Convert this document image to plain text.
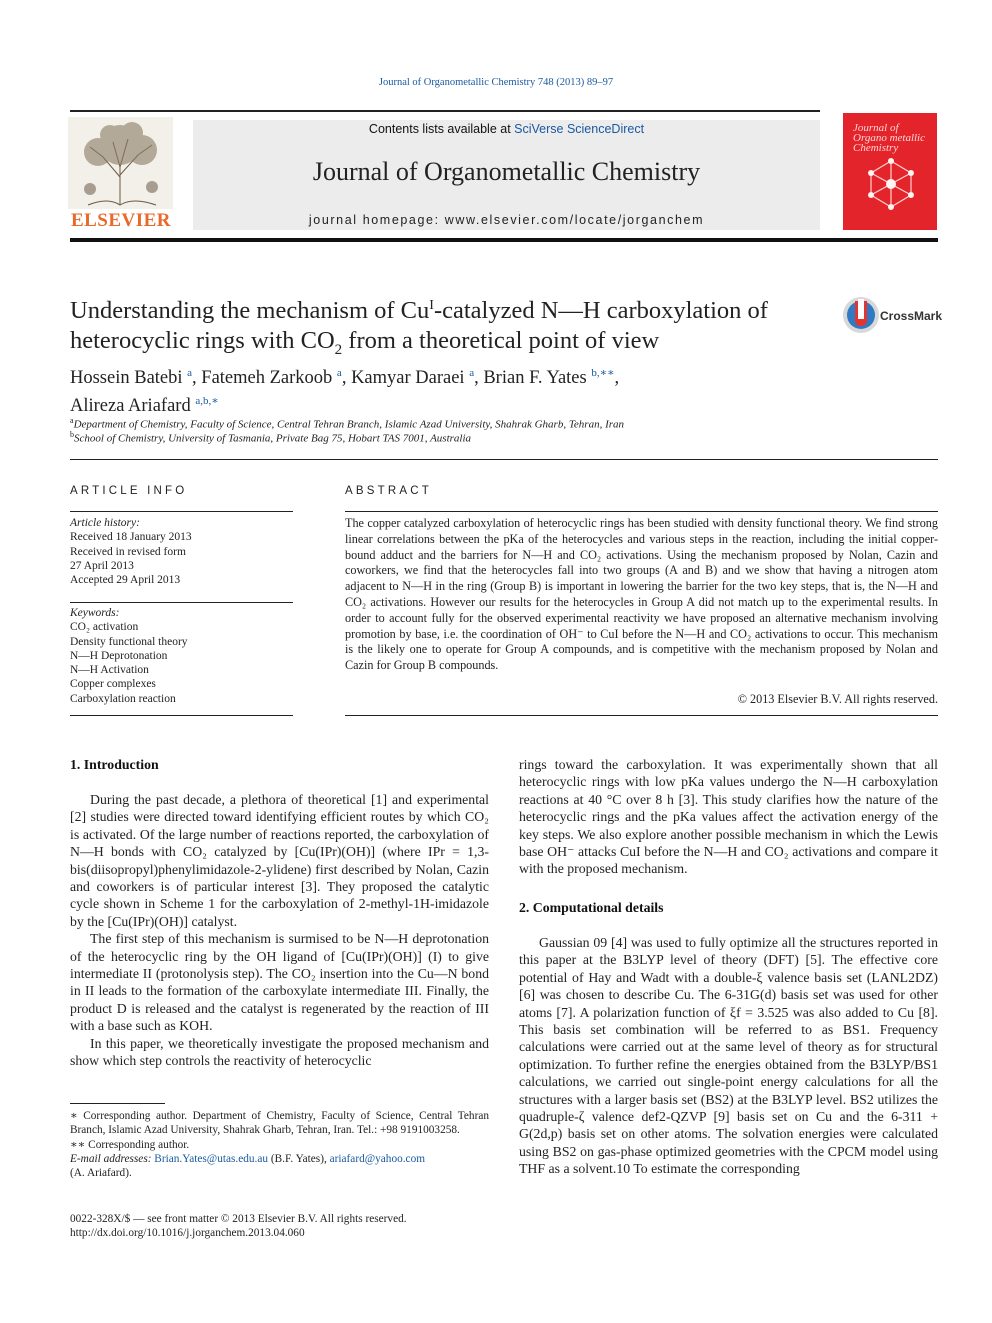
Journal of Organometallic Chemistry 748 (2013) 89–97
ELSEVIER
Contents lists available at SciVerse ScienceDirect
Journal of Organometallic Chemistry
journal homepage: www.elsevier.com/locate/jorganchem
Journal of Organo metallic Chemistry
Understanding the mechanism of $Cu^I$-catalyzed N—H carboxylation of heterocyclic rings with $CO_2$ from a theoretical point of view
CrossMark
Hossein Batebi $^a$, Fatemeh Zarkoob $^a$, Kamyar Daraei $^a$, Brian F. Yates $^{b,∗∗}$,
Alireza Ariafard $^{a,b,∗}$
$^a$Department of Chemistry, Faculty of Science, Central Tehran Branch, Islamic Azad University, Shahrak Gharb, Tehran, Iran
$^b$School of Chemistry, University of Tasmania, Private Bag 75, Hobart TAS 7001, Australia
ARTICLE INFO
Article history:
Received 18 January 2013
Received in revised form
27 April 2013
Accepted 29 April 2013
Keywords:
CO₂ activation
Density functional theory
N—H Deprotonation
N—H Activation
Copper complexes
Carboxylation reaction
ABSTRACT
The copper catalyzed carboxylation of heterocyclic rings has been studied with density functional theory. We find strong linear correlations between the pKa of the heterocycles and various steps in the reaction, including the initial copper-bound adduct and the barriers for N—H and CO₂ activations. Using the mechanism proposed by Nolan, Cazin and coworkers, we find that the heterocycles fall into two groups (A and B) and we show that having a nitrogen atom adjacent to N—H in the ring (Group B) is important in lowering the barrier for the two key steps, that is, the N—H and CO₂ activations. However our results for the heterocycles in Group A did not match up to the experimental results. In order to account fully for the observed experimental reactivity we have proposed an alternative mechanism involving promotion by base, i.e. the coordination of OH⁻ to CuI before the N—H and CO₂ activations to occur. This mechanism is the likely one to operate for Group A compounds, and is competitive with the mechanism proposed by Nolan and Cazin for Group B compounds.
© 2013 Elsevier B.V. All rights reserved.
1. Introduction

During the past decade, a plethora of theoretical [1] and experimental [2] studies were directed toward identifying efficient routes by which CO₂ is activated. Of the large number of reactions reported, the carboxylation of N—H bonds with CO₂ catalyzed by [Cu(IPr)(OH)] (where IPr = 1,3-bis(diisopropyl)phenylimidazole-2-ylidene) first described by Nolan, Cazin and coworkers is of particular interest [3]. They proposed the catalytic cycle shown in Scheme 1 for the carboxylation of 2-methyl-1H-imidazole by the [Cu(IPr)(OH)] catalyst.

The first step of this mechanism is surmised to be N—H deprotonation of the heterocyclic ring by the OH ligand of [Cu(IPr)(OH)] (I) to give intermediate II (protonolysis step). The CO₂ insertion into the Cu—N bond in II leads to the formation of the carboxylate intermediate III. Finally, the product D is released and the catalyst is regenerated by the reaction of III with a base such as KOH.

In this paper, we theoretically investigate the proposed mechanism and show which step controls the reactivity of heterocyclic

∗ Corresponding author. Department of Chemistry, Faculty of Science, Central Tehran Branch, Islamic Azad University, Shahrak Gharb, Tehran, Iran. Tel.: +98 9191003258.
∗∗ Corresponding author.
E-mail addresses: Brian.Yates@utas.edu.au (B.F. Yates), ariafard@yahoo.com
(A. Ariafard).
0022-328X/$ — see front matter © 2013 Elsevier B.V. All rights reserved.
http://dx.doi.org/10.1016/j.jorganchem.2013.04.060

rings toward the carboxylation. It was experimentally shown that all heterocyclic rings with low pKa values undergo the N—H carboxylation reactions at 40 °C over 8 h [3]. This study clarifies how the nature of the heterocyclic rings and the pKa values affect the activation energy of the key steps. We also explore another possible mechanism in which the Lewis base OH⁻ attacks CuI before the N—H and CO₂ activations and compare it with the proposed mechanism.

2. Computational details

Gaussian 09 [4] was used to fully optimize all the structures reported in this paper at the B3LYP level of theory (DFT) [5]. The effective core potential of Hay and Wadt with a double-ξ valence basis set (LANL2DZ) [6] was chosen to describe Cu. The 6-31G(d) basis set was used for other atoms [7]. A polarization function of ξf = 3.525 was also added to Cu [8]. This basis set combination will be referred to as BS1. Frequency calculations were carried out at the same level of theory as for structural optimization. To further refine the energies obtained from the B3LYP/BS1 calculations, we carried out single-point energy calculations for all the structures with a larger basis set (BS2) at the B3LYP level. BS2 utilizes the quadruple-ζ valence def2-QZVP [9] basis set on Cu and the 6-311 + G(2d,p) basis set on other atoms. The solvation energies were calculated using BS2 on gas-phase optimized geometries with the CPCM model using THF as a solvent.10 To estimate the corresponding
